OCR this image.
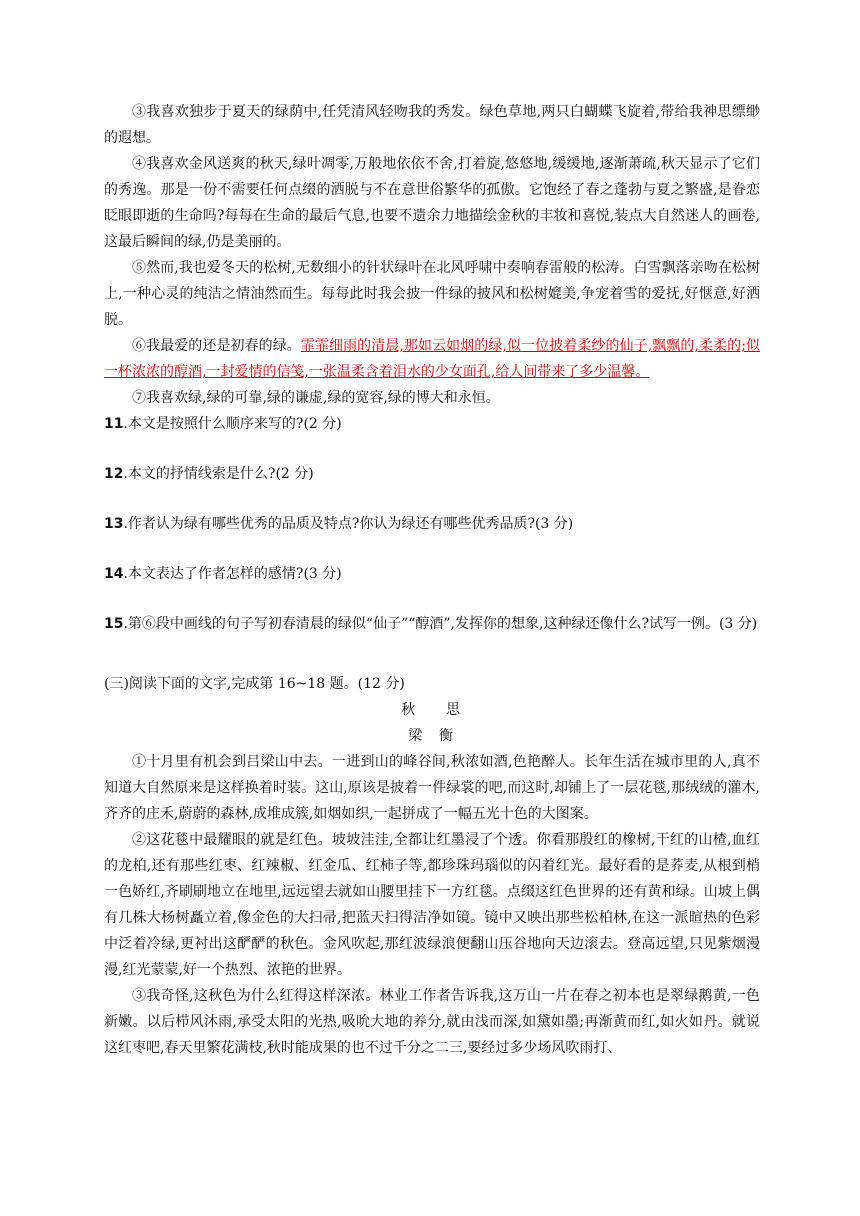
③我喜欢独步于夏天的绿荫中,任凭清风轻吻我的秀发。绿色草地,两只白蝴蝶飞旋着,带给我神思缥缈的遐想。

④我喜欢金风送爽的秋天,绿叶凋零,万般地依依不舍,打着旋,悠悠地,缓缓地,逐渐萧疏,秋天显示了它们的秀逸。那是一份不需要任何点缀的洒脱与不在意世俗繁华的孤傲。它饱经了春之蓬勃与夏之繁盛,是眷恋眨眼即逝的生命吗?每每在生命的最后气息,也要不遗余力地描绘金秋的丰妆和喜悦,装点大自然迷人的画卷,这最后瞬间的绿,仍是美丽的。

⑤然而,我也爱冬天的松树,无数细小的针状绿叶在北风呼啸中奏响春雷般的松涛。白雪飘落亲吻在松树上,一种心灵的纯洁之情油然而生。每每此时我会披一件绿的披风和松树媲美,争宠着雪的爱抚,好惬意,好洒脱。

⑥我最爱的还是初春的绿。霏霏细雨的清晨,那如云如烟的绿,似一位披着柔纱的仙子,飘飘的,柔柔的;似一杯浓浓的醇酒,一封爱情的信笺,一张温柔含着泪水的少女面孔,给人间带来了多少温馨。

⑦我喜欢绿,绿的可靠,绿的谦虚,绿的宽容,绿的博大和永恒。

11.本文是按照什么顺序来写的?(2 分)

12.本文的抒情线索是什么?(2 分)

13.作者认为绿有哪些优秀的品质及特点?你认为绿还有哪些优秀品质?(3 分)

14.本文表达了作者怎样的感情?(3 分)

15.第⑥段中画线的句子写初春清晨的绿似“仙子”“醇酒”,发挥你的想象,这种绿还像什么?试写一例。(3 分)

(三)阅读下面的文字,完成第 16~18 题。(12 分)

秋思

梁衡

①十月里有机会到吕梁山中去。一进到山的峰谷间,秋浓如酒,色艳醉人。长年生活在城市里的人,真不知道大自然原来是这样换着时装。这山,原该是披着一件绿裳的吧,而这时,却铺上了一层花毯,那绒绒的灌木,齐齐的庄禾,蔚蔚的森林,成堆成簇,如烟如织,一起拼成了一幅五光十色的大图案。

②这花毯中最耀眼的就是红色。坡坡洼洼,全都让红墨浸了个透。你看那殷红的橡树,干红的山楂,血红的龙柏,还有那些红枣、红辣椒、红金瓜、红柿子等,都珍珠玛瑙似的闪着红光。最好看的是荞麦,从根到梢一色娇红,齐刷刷地立在地里,远远望去就如山腰里挂下一方红毯。点缀这红色世界的还有黄和绿。山坡上偶有几株大杨树矗立着,像金色的大扫帚,把蓝天扫得洁净如镜。镜中又映出那些松柏林,在这一派暄热的色彩中泛着冷绿,更衬出这酽酽的秋色。金风吹起,那红波绿浪便翻山压谷地向天边滚去。登高远望,只见紫烟漫漫,红光蒙蒙,好一个热烈、浓艳的世界。

③我奇怪,这秋色为什么红得这样深浓。林业工作者告诉我,这万山一片在春之初本也是翠绿鹅黄,一色新嫩。以后栉风沐雨,承受太阳的光热,吸吮大地的养分,就由浅而深,如黛如墨;再渐黄而红,如火如丹。就说这红枣吧,春天里繁花满枝,秋时能成果的也不过千分之二三,要经过多少场风吹雨打、
